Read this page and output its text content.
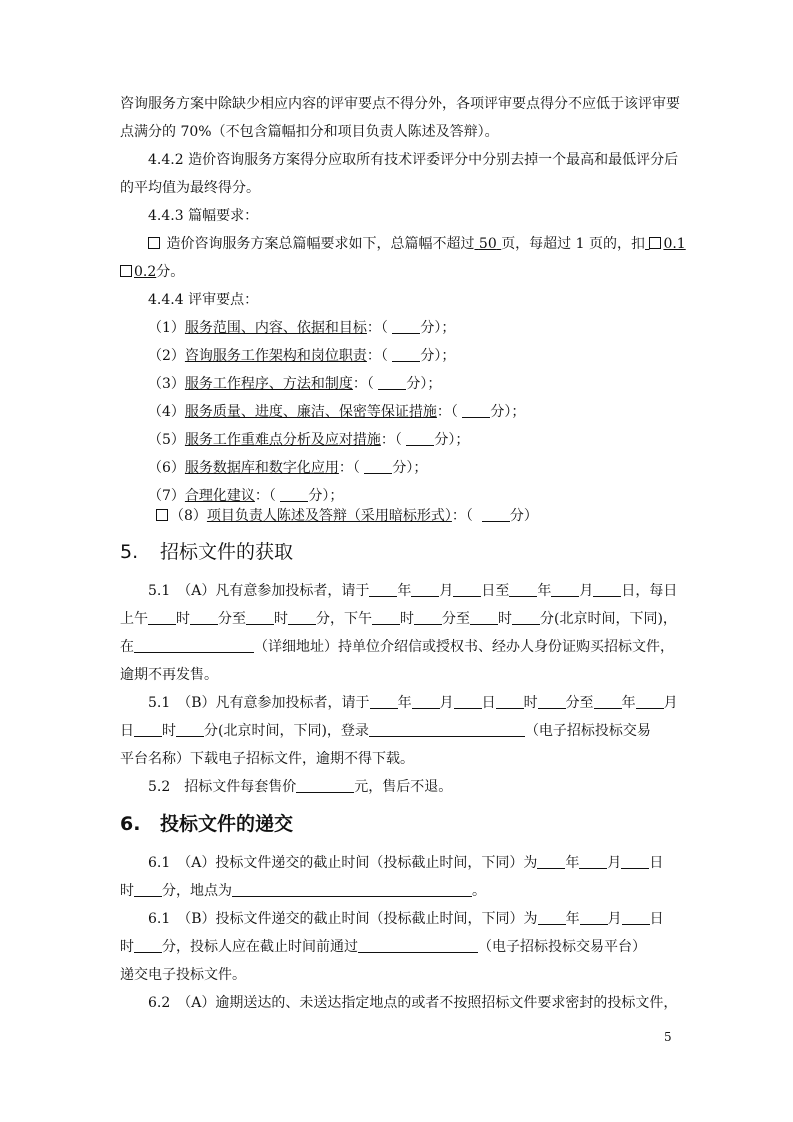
咨询服务方案中除缺少相应内容的评审要点不得分外，各项评审要点得分不应低于该评审要
点满分的 70%（不包含篇幅扣分和项目负责人陈述及答辩）。
4.4.2 造价咨询服务方案得分应取所有技术评委评分中分别去掉一个最高和最低评分后
的平均值为最终得分。
4.4.3 篇幅要求：
造价咨询服务方案总篇幅要求如下，总篇幅不超过 50 页，每超过 1 页的，扣 0.1
0.2分。
4.4.4 评审要点：
（1）服务范围、内容、依据和目标：（ 分）；
（2）咨询服务工作架构和岗位职责：（ 分）；
（3）服务工作程序、方法和制度：（ 分）；
（4）服务质量、进度、廉洁、保密等保证措施：（ 分）；
（5）服务工作重难点分析及应对措施：（ 分）；
（6）服务数据库和数字化应用：（ 分）；
（7）合理化建议：（ 分）；
（8）项目负责人陈述及答辩（采用暗标形式）：（	分）
5. 招标文件的获取
5.1　（A）凡有意参加投标者，请于 年 月 日至 年 月 日，每日
上午 时 分至 时 分，下午 时 分至 时 分(北京时间，下同)，
在	（详细地址）持单位介绍信或授权书、经办人身份证购买招标文件，
逾期不再发售。
5.1　（B）凡有意参加投标者，请于 年 月 日 时 分至 年 月
日 时 分(北京时间，下同)，登录	（电子招标投标交易
平台名称）下载电子招标文件，逾期不得下载。
5.2　招标文件每套售价	元，售后不退。
6. 投标文件的递交
6.1　（A）投标文件递交的截止时间（投标截止时间，下同）为 年 月 日
时 分，地点为	。
6.1　（B）投标文件递交的截止时间（投标截止时间，下同）为 年 月 日
时 分，投标人应在截止时间前通过	（电子招标投标交易平台）
递交电子投标文件。
6.2　（A）逾期送达的、未送达指定地点的或者不按照招标文件要求密封的投标文件，
5
